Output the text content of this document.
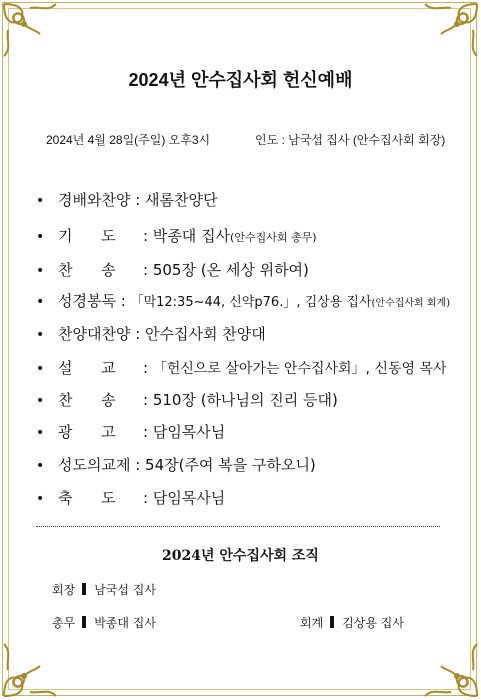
2024년 안수집사회 헌신예배
2024년 4월 28일(주일) 오후3시	인도 : 남국섭 집사 (안수집사회 회장)
• 경배와찬양 : 새롬찬양단
• 기      도 : 박종대 집사(안수집사회 총무)
• 찬      송 : 505장 (온 세상 위하여)
• 성경봉독 : 「막12:35~44, 신약p76.」, 김상용 집사(안수집사회 회계)
• 찬양대찬양 : 안수집사회 찬양대
• 설      교 : 「헌신으로 살아가는 안수집사회」, 신동영 목사
• 찬      송 : 510장 (하나님의 진리 등대)
• 광      고 : 담임목사님
• 성도의교제 : 54장(주여 복을 구하오니)
• 축      도 : 담임목사님
2024년 안수집사회 조직
회장 남국섭 집사
총무 박종대 집사	회계 김상용 집사
